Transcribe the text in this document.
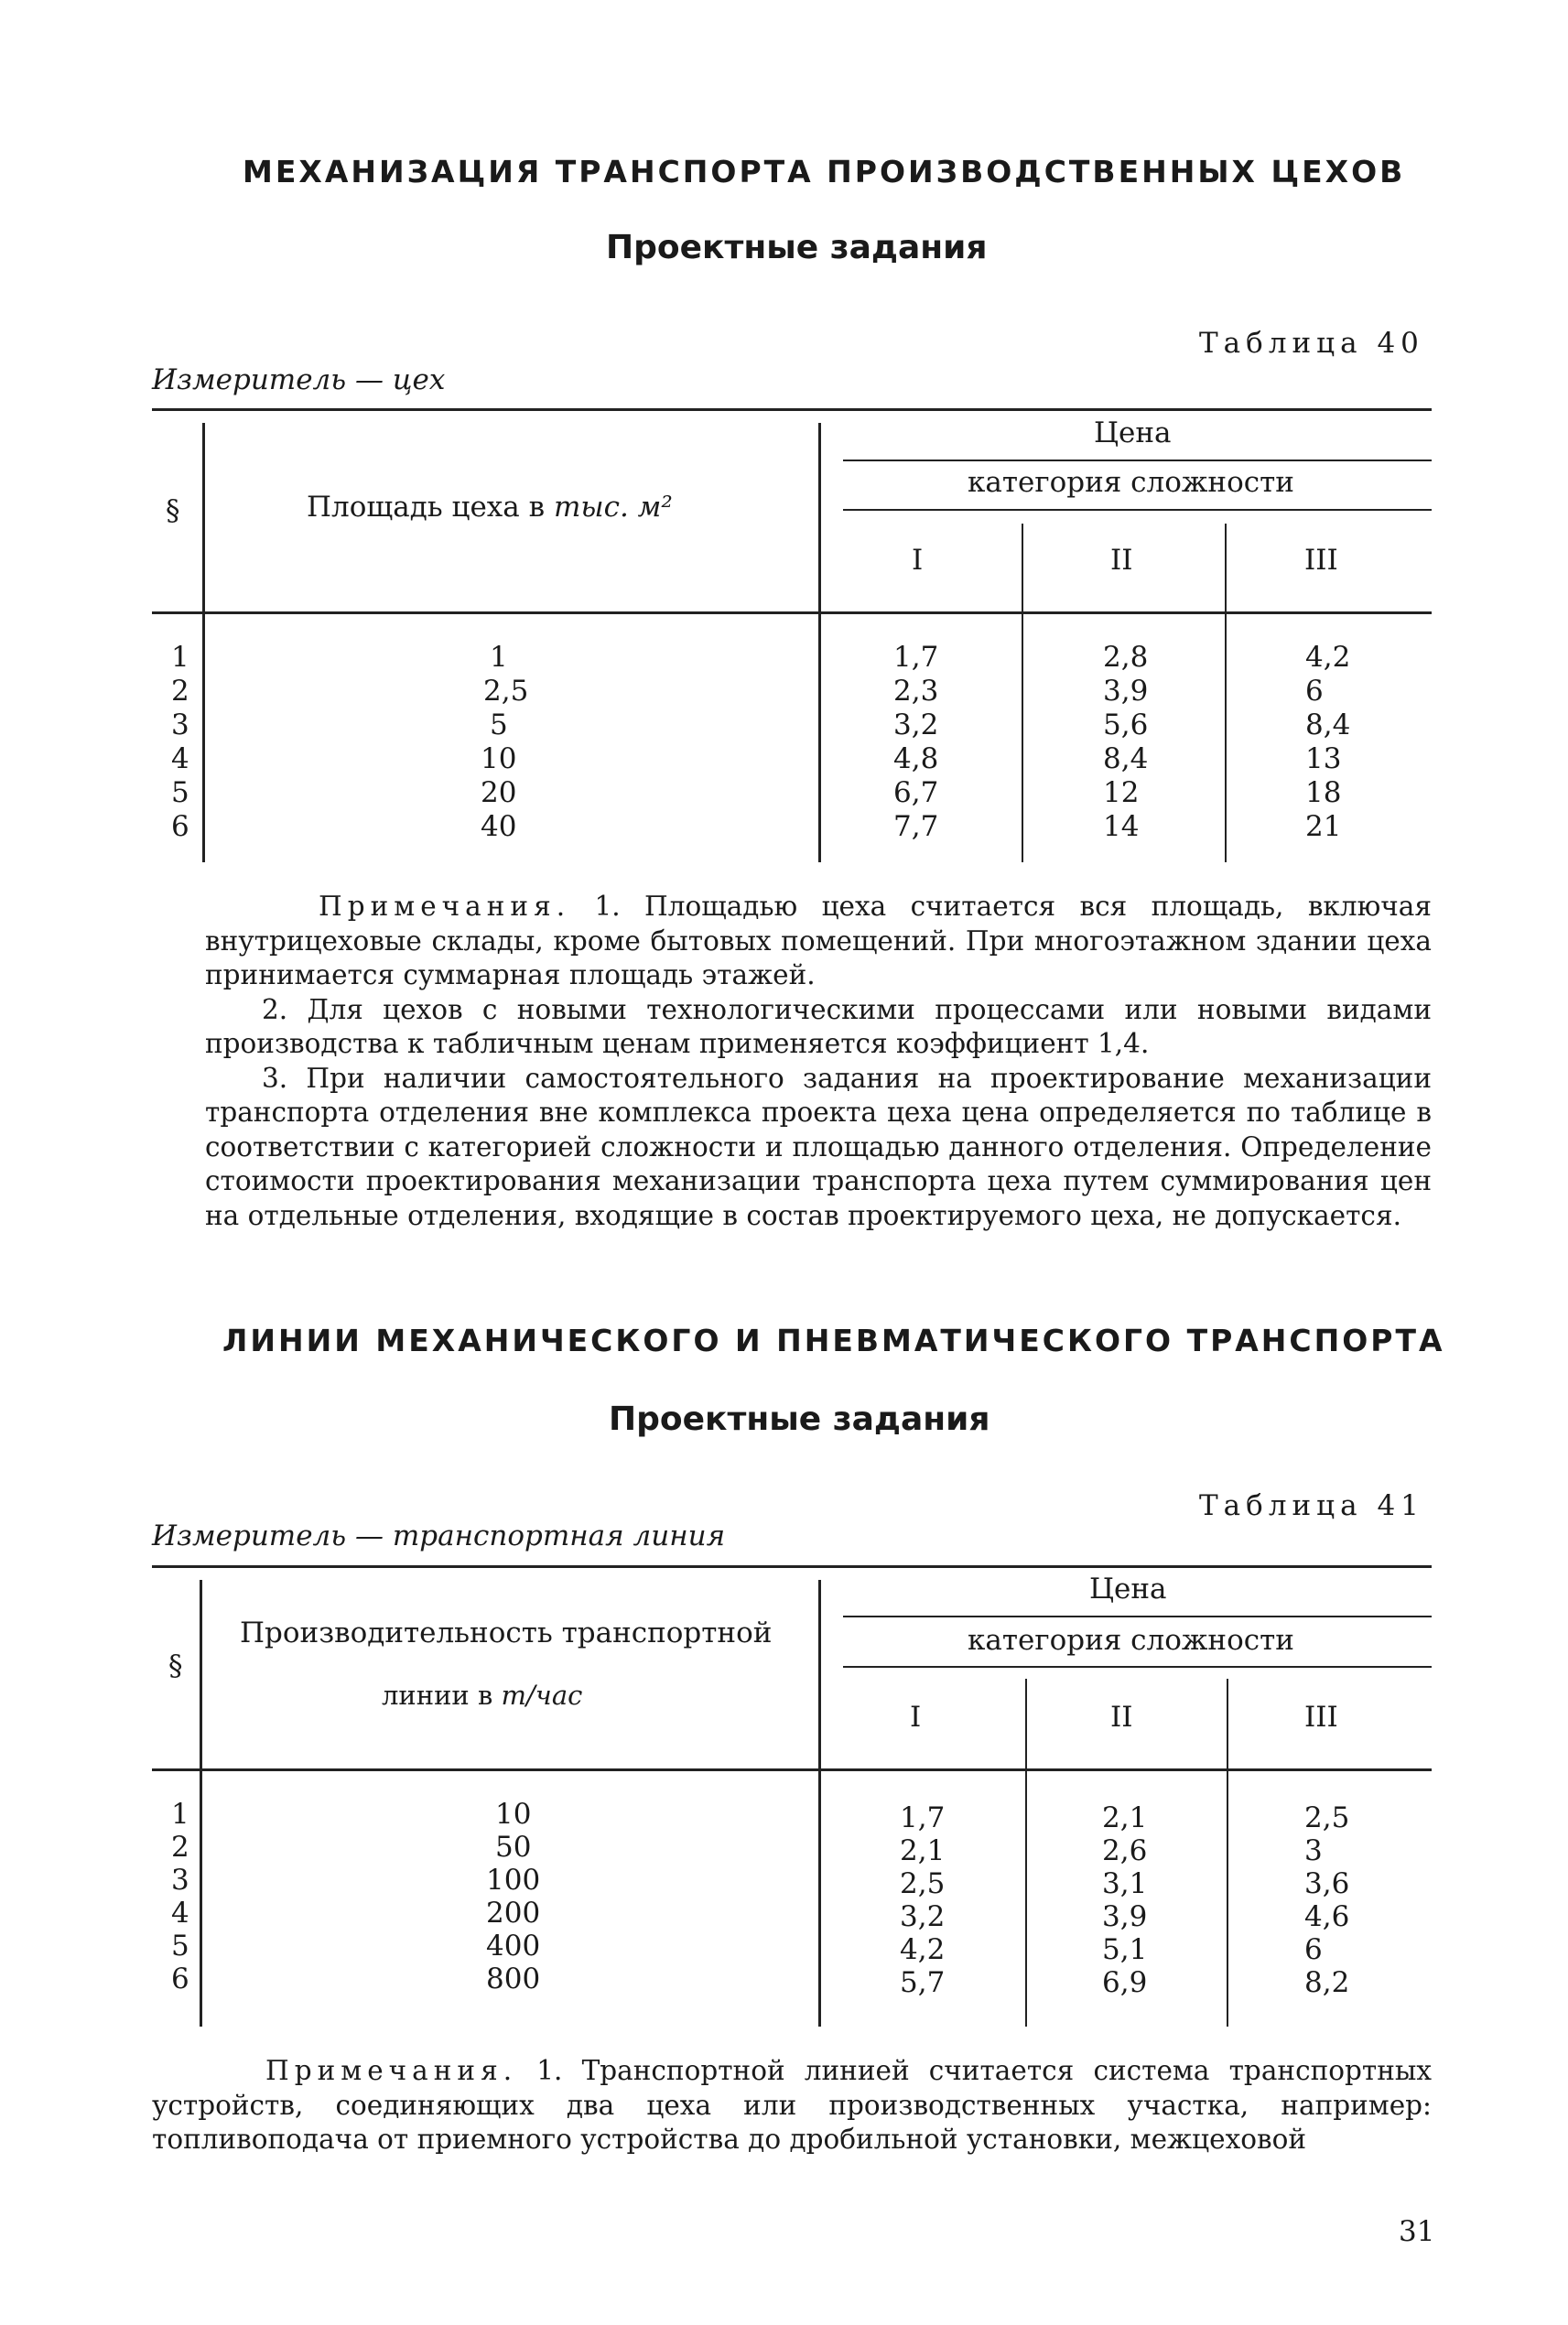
МЕХАНИЗАЦИЯ ТРАНСПОРТА ПРОИЗВОДСТВЕННЫХ ЦЕХОВ
Проектные задания
Таблица 40
Измеритель — цех
§	Площадь цеха в тыс. м²
Цена
категория сложности
I	II	III
1	1	1,7	2,8	4,2
2	2,5	2,3	3,9	6
3	5	3,2	5,6	8,4
4	10	4,8	8,4	13
5	20	6,7	12	18
6	40	7,7	14	21

Примечания. 1. Площадью цеха считается вся площадь, включая внутрицеховые склады, кроме бытовых помещений. При многоэтажном здании цеха принимается суммарная площадь этажей.

2. Для цехов с новыми технологическими процессами или новыми видами производства к табличным ценам применяется коэффициент 1,4.

3. При наличии самостоятельного задания на проектирование механизации транспорта отделения вне комплекса проекта цеха цена определяется по таблице в соответствии с категорией сложности и площадью данного отделения. Определение стоимости проектирования механизации транспорта цеха путем суммирования цен на отдельные отделения, входящие в состав проектируемого цеха, не допускается.

ЛИНИИ МЕХАНИЧЕСКОГО И ПНЕВМАТИЧЕСКОГО ТРАНСПОРТА
Проектные задания
Таблица 41
Измеритель — транспортная линия
§
Производительность транспортной
линии в т/час
Цена
категория сложности
I	II	III
1	10	1,7	2,1	2,5
2	50	2,1	2,6	3
3	100	2,5	3,1	3,6
4	200	3,2	3,9	4,6
5	400	4,2	5,1	6
6	800	5,7	6,9	8,2

Примечания. 1. Транспортной линией считается система транспортных устройств, соединяющих два цеха или производственных участка, например: топливоподача от приемного устройства до дробильной установки, межцеховой

31
